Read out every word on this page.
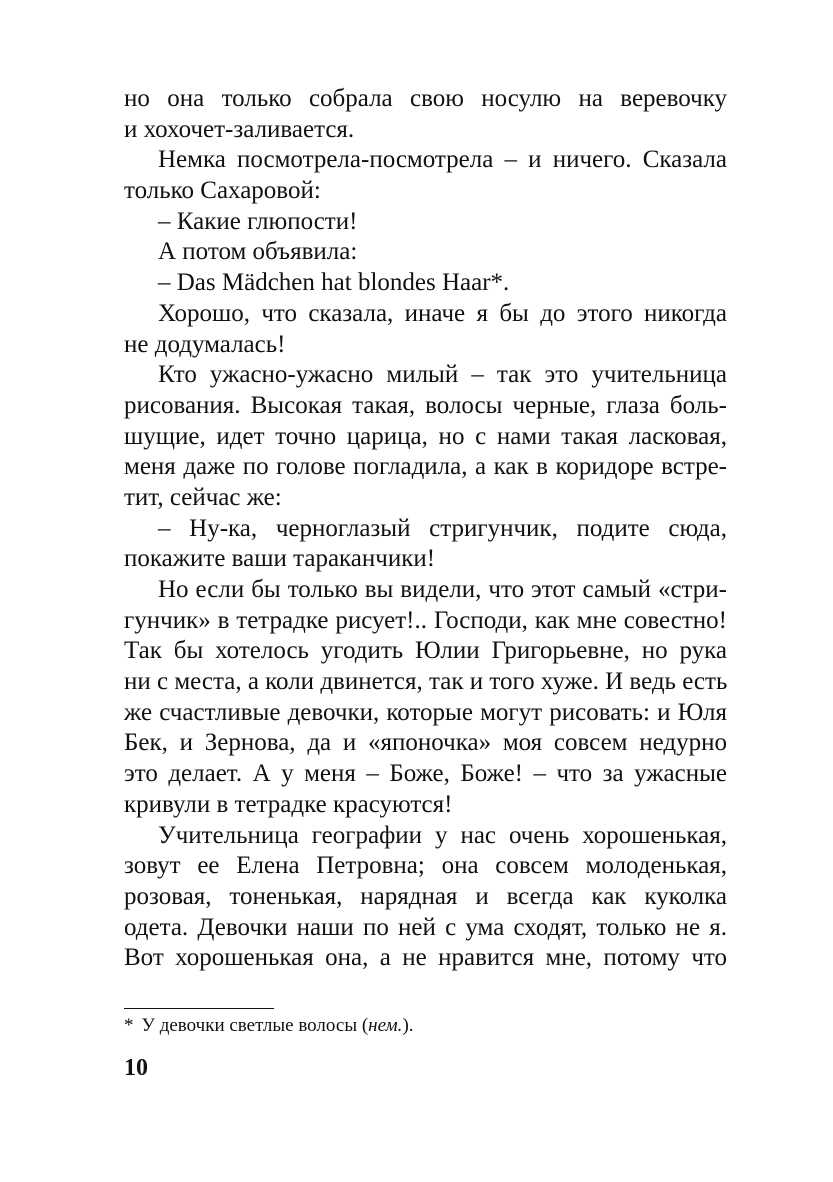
но она только собрала свою носулю на веревочку
и хохочет-заливается.
Немка посмотрела-посмотрела – и ничего. Сказала
только Сахаровой:
– Какие глюпости!
А потом объявила:
– Das Mädchen hat blondes Haar*.
Хорошо, что сказала, иначе я бы до этого никогда
не додумалась!
Кто ужасно-ужасно милый – так это учительница
рисования. Высокая такая, волосы черные, глаза боль-
шущие, идет точно царица, но с нами такая ласковая,
меня даже по голове погладила, а как в коридоре встре-
тит, сейчас же:
– Ну-ка, черноглазый стригунчик, подите сюда,
покажите ваши тараканчики!
Но если бы только вы видели, что этот самый «стри-
гунчик» в тетрадке рисует!.. Господи, как мне совестно!
Так бы хотелось угодить Юлии Григорьевне, но рука
ни с места, а коли двинется, так и того хуже. И ведь есть
же счастливые девочки, которые могут рисовать: и Юля
Бек, и Зернова, да и «японочка» моя совсем недурно
это делает. А у меня – Боже, Боже! – что за ужасные
кривули в тетрадке красуются!
Учительница географии у нас очень хорошенькая,
зовут ее Елена Петровна; она совсем молоденькая,
розовая, тоненькая, нарядная и всегда как куколка
одета. Девочки наши по ней с ума сходят, только не я.
Вот хорошенькая она, а не нравится мне, потому что
* У девочки светлые волосы (нем.).
10
